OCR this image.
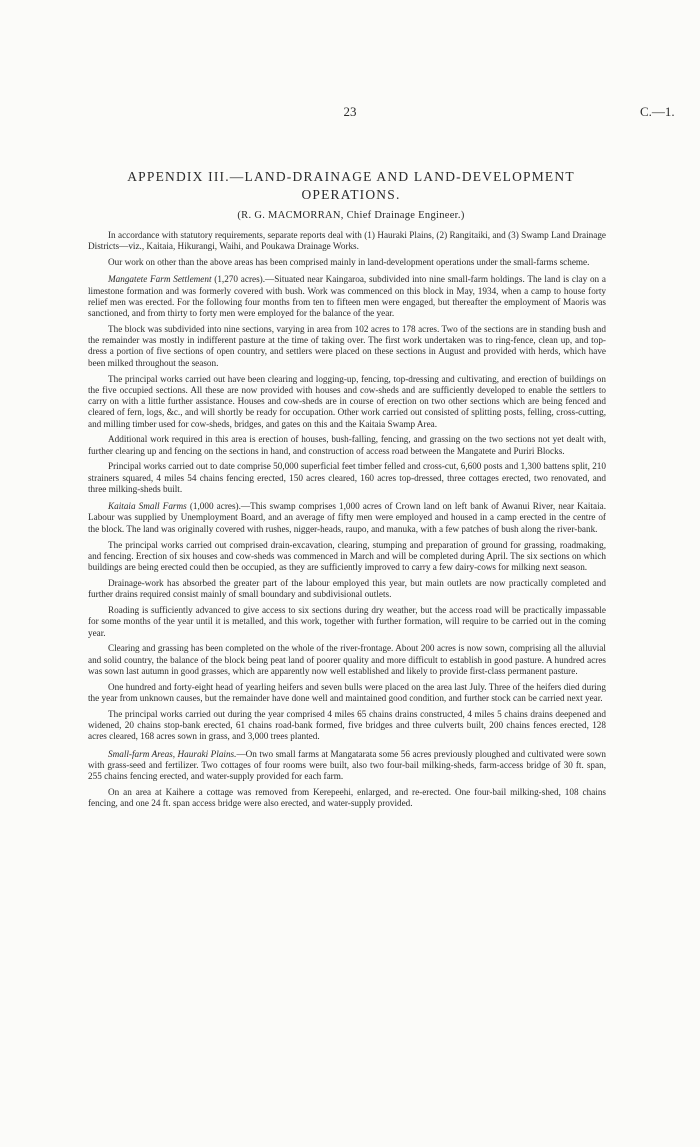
23	C.—1.
APPENDIX III.—LAND-DRAINAGE AND LAND-DEVELOPMENT OPERATIONS.
(R. G. MACMORRAN, Chief Drainage Engineer.)

In accordance with statutory requirements, separate reports deal with (1) Hauraki Plains, (2) Rangitaiki, and (3) Swamp Land Drainage Districts—viz., Kaitaia, Hikurangi, Waihi, and Poukawa Drainage Works.

Our work on other than the above areas has been comprised mainly in land-development operations under the small-farms scheme.

Mangatete Farm Settlement (1,270 acres).—Situated near Kaingaroa, subdivided into nine small-farm holdings. The land is clay on a limestone formation and was formerly covered with bush. Work was commenced on this block in May, 1934, when a camp to house forty relief men was erected. For the following four months from ten to fifteen men were engaged, but thereafter the employment of Maoris was sanctioned, and from thirty to forty men were employed for the balance of the year.

The block was subdivided into nine sections, varying in area from 102 acres to 178 acres. Two of the sections are in standing bush and the remainder was mostly in indifferent pasture at the time of taking over. The first work undertaken was to ring-fence, clean up, and top-dress a portion of five sections of open country, and settlers were placed on these sections in August and provided with herds, which have been milked throughout the season.

The principal works carried out have been clearing and logging-up, fencing, top-dressing and cultivating, and erection of buildings on the five occupied sections. All these are now provided with houses and cow-sheds and are sufficiently developed to enable the settlers to carry on with a little further assistance. Houses and cow-sheds are in course of erection on two other sections which are being fenced and cleared of fern, logs, &c., and will shortly be ready for occupation. Other work carried out consisted of splitting posts, felling, cross-cutting, and milling timber used for cow-sheds, bridges, and gates on this and the Kaitaia Swamp Area.

Additional work required in this area is erection of houses, bush-falling, fencing, and grassing on the two sections not yet dealt with, further clearing up and fencing on the sections in hand, and construction of access road between the Mangatete and Puriri Blocks.

Principal works carried out to date comprise 50,000 superficial feet timber felled and cross-cut, 6,600 posts and 1,300 battens split, 210 strainers squared, 4 miles 54 chains fencing erected, 150 acres cleared, 160 acres top-dressed, three cottages erected, two renovated, and three milking-sheds built.

Kaitaia Small Farms (1,000 acres).—This swamp comprises 1,000 acres of Crown land on left bank of Awanui River, near Kaitaia. Labour was supplied by Unemployment Board, and an average of fifty men were employed and housed in a camp erected in the centre of the block. The land was originally covered with rushes, nigger-heads, raupo, and manuka, with a few patches of bush along the river-bank.

The principal works carried out comprised drain-excavation, clearing, stumping and preparation of ground for grassing, roadmaking, and fencing. Erection of six houses and cow-sheds was commenced in March and will be completed during April. The six sections on which buildings are being erected could then be occupied, as they are sufficiently improved to carry a few dairy-cows for milking next season.

Drainage-work has absorbed the greater part of the labour employed this year, but main outlets are now practically completed and further drains required consist mainly of small boundary and subdivisional outlets.

Roading is sufficiently advanced to give access to six sections during dry weather, but the access road will be practically impassable for some months of the year until it is metalled, and this work, together with further formation, will require to be carried out in the coming year.

Clearing and grassing has been completed on the whole of the river-frontage. About 200 acres is now sown, comprising all the alluvial and solid country, the balance of the block being peat land of poorer quality and more difficult to establish in good pasture. A hundred acres was sown last autumn in good grasses, which are apparently now well established and likely to provide first-class permanent pasture.

One hundred and forty-eight head of yearling heifers and seven bulls were placed on the area last July. Three of the heifers died during the year from unknown causes, but the remainder have done well and maintained good condition, and further stock can be carried next year.

The principal works carried out during the year comprised 4 miles 65 chains drains constructed, 4 miles 5 chains drains deepened and widened, 20 chains stop-bank erected, 61 chains road-bank formed, five bridges and three culverts built, 200 chains fences erected, 128 acres cleared, 168 acres sown in grass, and 3,000 trees planted.

Small-farm Areas, Hauraki Plains.—On two small farms at Mangatarata some 56 acres previously ploughed and cultivated were sown with grass-seed and fertilizer. Two cottages of four rooms were built, also two four-bail milking-sheds, farm-access bridge of 30 ft. span, 255 chains fencing erected, and water-supply provided for each farm.

On an area at Kaihere a cottage was removed from Kerepeehi, enlarged, and re-erected. One four-bail milking-shed, 108 chains fencing, and one 24 ft. span access bridge were also erected, and water-supply provided.
